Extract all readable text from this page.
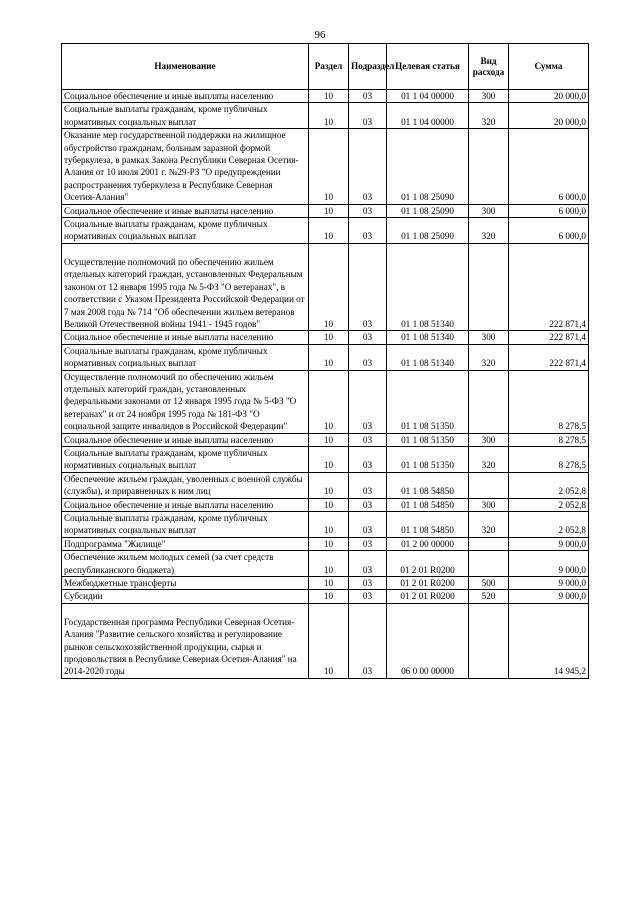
96
Наименование	Раздел	Подраздел	Целевая статья	Вид расхода	Сумма
Социальное обеспечение и иные выплаты населению	10	03	01 1 04 00000	300	20 000,0
Социальные выплаты гражданам, кроме публичных нормативных социальных выплат	10	03	01 1 04 00000	320	20 000,0
Оказание мер государственной поддержки на жилищное обустройство гражданам, больным заразной формой туберкулеза, в рамках Закона Республики Северная Осетия-Алания от 10 июля 2001 г. №29-РЗ "О предупреждении распространения туберкулеза в Республике Северная Осетия-Алания"	10	03	01 1 08 25090		6 000,0
Социальное обеспечение и иные выплаты населению	10	03	01 1 08 25090	300	6 000,0
Социальные выплаты гражданам, кроме публичных нормативных социальных выплат	10	03	01 1 08 25090	320	6 000,0
Осуществление полномочий по обеспечению жильем отдельных категорий граждан, установленных Федеральным законом от 12 января 1995 года № 5-ФЗ "О ветеранах", в соответствии с Указом Президента Российской Федерации от 7 мая 2008 года № 714 "Об обеспечении жильем ветеранов Великой Отечественной войны 1941 - 1945 годов"	10	03	01 1 08 51340		222 871,4
Социальное обеспечение и иные выплаты населению	10	03	01 1 08 51340	300	222 871,4
Социальные выплаты гражданам, кроме публичных нормативных социальных выплат	10	03	01 1 08 51340	320	222 871,4
Осуществление полномочий по обеспечению жильем отдельных категорий граждан, установленных федеральными законами от 12 января 1995 года № 5-ФЗ "О ветеранах" и от 24 ноября 1995 года № 181-ФЗ "О социальной защите инвалидов в Российской Федерации"	10	03	01 1 08 51350		8 278,5
Социальное обеспечение и иные выплаты населению	10	03	01 1 08 51350	300	8 278,5
Социальные выплаты гражданам, кроме публичных нормативных социальных выплат	10	03	01 1 08 51350	320	8 278,5
Обеспечение жильем граждан, уволенных с военной службы (службы), и приравненных к ним лиц	10	03	01 1 08 54850		2 052,8
Социальное обеспечение и иные выплаты населению	10	03	01 1 08 54850	300	2 052,8
Социальные выплаты гражданам, кроме публичных нормативных социальных выплат	10	03	01 1 08 54850	320	2 052,8
Подпрограмма "Жилище"	10	03	01 2 00 00000		9 000,0
Обеспечение жильем молодых семей (за счет средств республиканского бюджета)	10	03	01 2 01 R0200		9 000,0
Межбюджетные трансферты	10	03	01 2 01 R0200	500	9 000,0
Субсидии	10	03	01 2 01 R0200	520	9 000,0
Государственная программа Республики Северная Осетия-Алания "Развитие сельского хозяйства и регулирование рынков сельскохозяйственной продукции, сырья и продовольствия в Республике Северная Осетия-Алания" на 2014-2020 годы	10	03	06 0 00 00000		14 945,2
